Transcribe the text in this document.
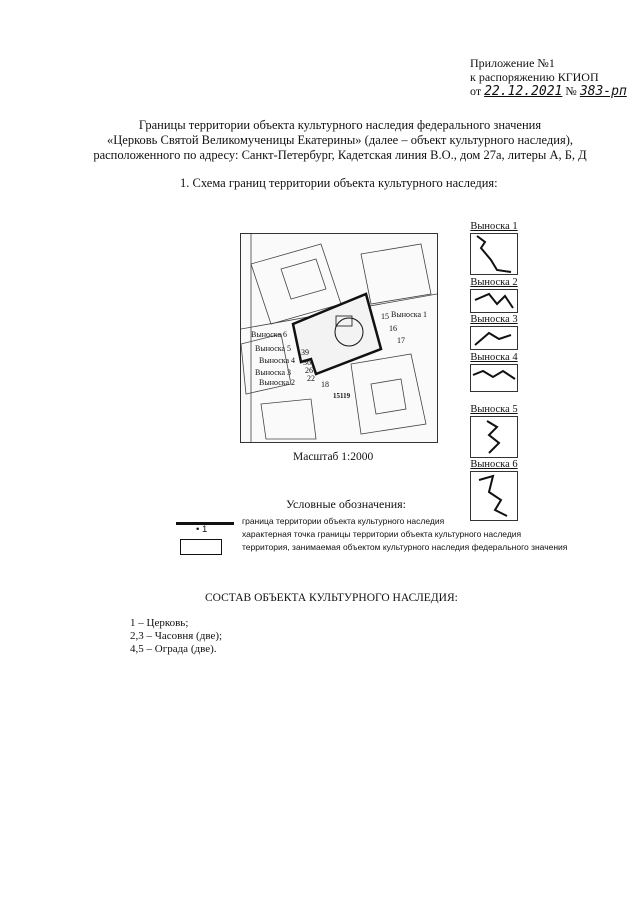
Приложение №1
к распоряжению КГИОП
от 22.12.2021 № 383-рп
Границы территории объекта культурного наследия федерального значения
«Церковь Святой Великомученицы Екатерины» (далее – объект культурного наследия),
расположенного по адресу: Санкт-Петербург, Кадетская линия В.О., дом 27а, литеры А, Б, Д
1. Схема границ территории объекта культурного наследия:
Выноска 1
Выноска 6
Выноска 5
Выноска 4
Выноска 3
Выноска 2
15
16
17
18
39
36
26
22
15119
Масштаб 1:2000
Выноска 1
Выноска 2
Выноска 3
Выноска 4
Выноска 5
Выноска 6
Условные обозначения:
граница территории объекта культурного наследия
• 1	характерная точка границы территории объекта культурного наследия
территория, занимаемая объектом культурного наследия федерального значения
СОСТАВ ОБЪЕКТА КУЛЬТУРНОГО НАСЛЕДИЯ:
1 – Церковь;
2,3 – Часовня (две);
4,5 – Ограда (две).
